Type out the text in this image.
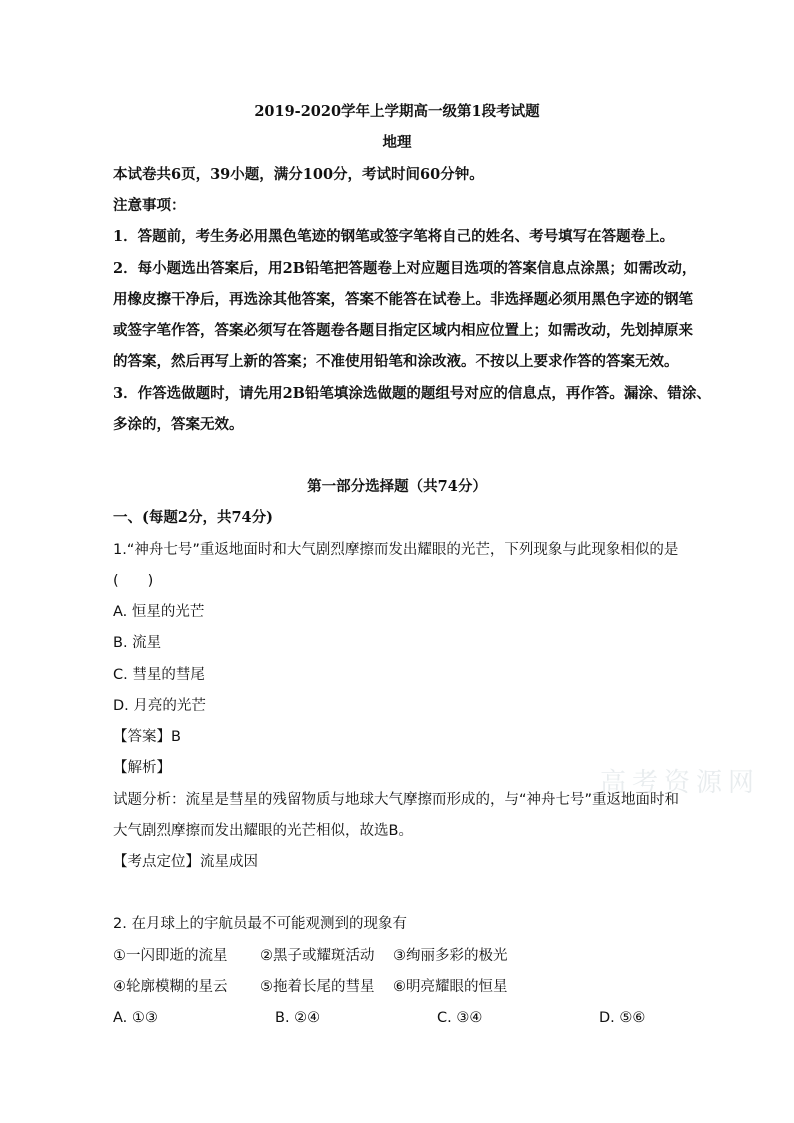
2019-2020学年上学期高一级第1段考试题
地理
本试卷共6页，39小题，满分100分，考试时间60分钟。
注意事项：
1．答题前，考生务必用黑色笔迹的钢笔或签字笔将自己的姓名、考号填写在答题卷上。
2．每小题选出答案后，用2B铅笔把答题卷上对应题目选项的答案信息点涂黑；如需改动，
用橡皮擦干净后，再选涂其他答案，答案不能答在试卷上。非选择题必须用黑色字迹的钢笔
或签字笔作答，答案必须写在答题卷各题目指定区域内相应位置上；如需改动，先划掉原来
的答案，然后再写上新的答案；不准使用铅笔和涂改液。不按以上要求作答的答案无效。
3．作答选做题时，请先用2B铅笔填涂选做题的题组号对应的信息点，再作答。漏涂、错涂、
多涂的，答案无效。
第一部分选择题（共74分）
一、(每题2分，共74分)
1.“神舟七号”重返地面时和大气剧烈摩擦而发出耀眼的光芒，下列现象与此现象相似的是
(　　)
A. 恒星的光芒
B. 流星
C. 彗星的彗尾
D. 月亮的光芒
【答案】B
【解析】
试题分析：流星是彗星的残留物质与地球大气摩擦而形成的，与“神舟七号”重返地面时和
大气剧烈摩擦而发出耀眼的光芒相似，故选B。
【考点定位】流星成因
2. 在月球上的宇航员最不可能观测到的现象有
①一闪即逝的流星 ②黑子或耀斑活动 ③绚丽多彩的极光
④轮廓模糊的星云 ⑤拖着长尾的彗星 ⑥明亮耀眼的恒星
A. ①③	B. ②④	C. ③④	D. ⑤⑥
高考资源网
